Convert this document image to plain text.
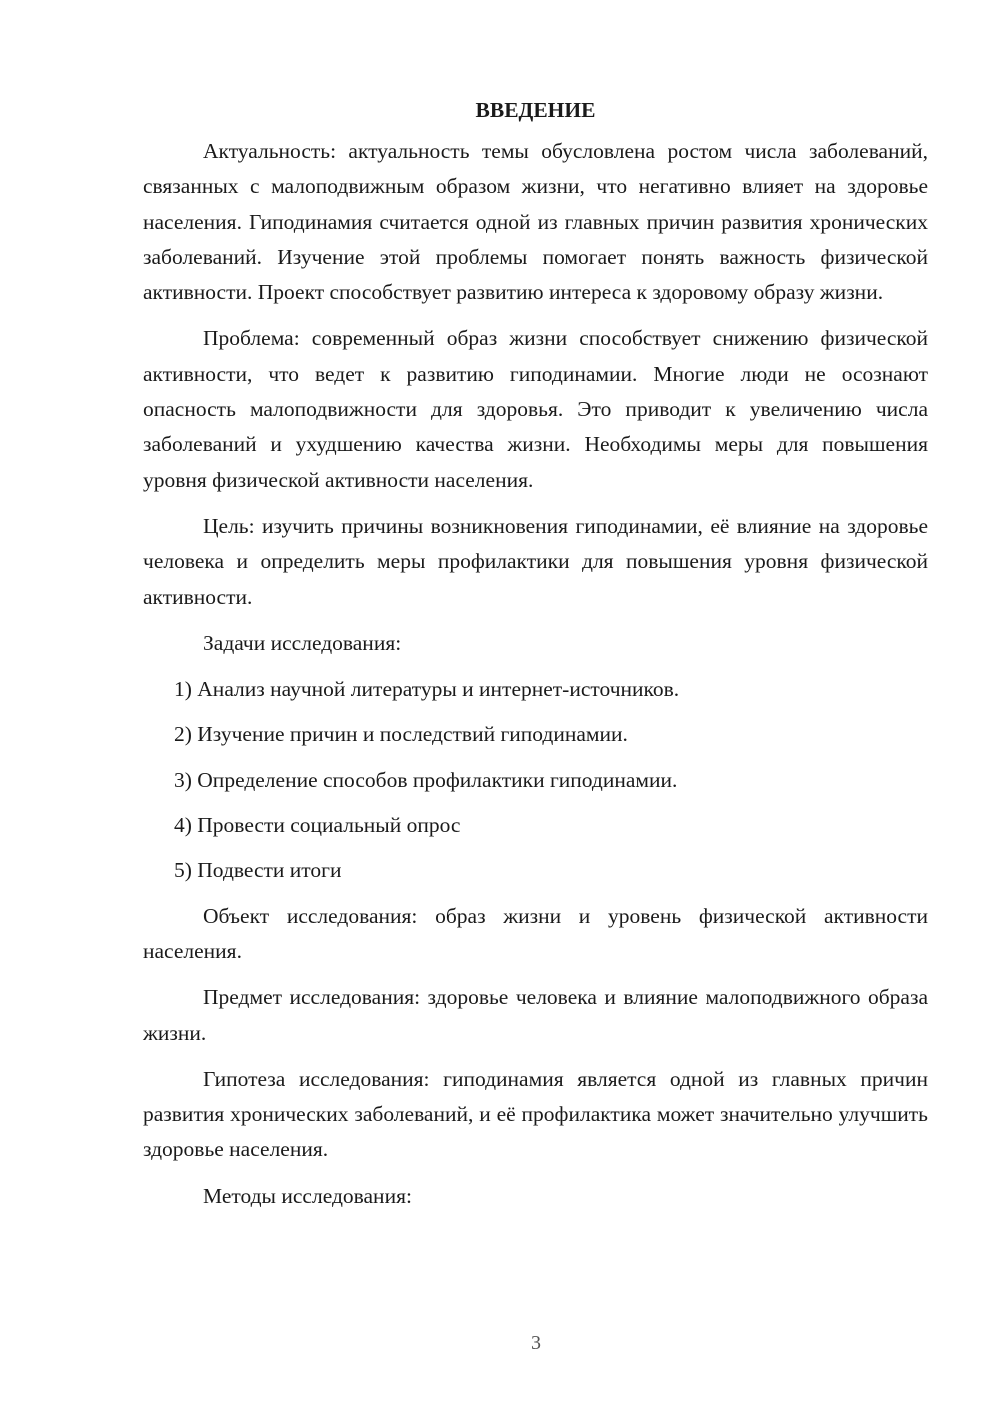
ВВЕДЕНИЕ

Актуальность: актуальность темы обусловлена ростом числа заболеваний, связанных с малоподвижным образом жизни, что негативно влияет на здоровье населения. Гиподинамия считается одной из главных причин развития хронических заболеваний. Изучение этой проблемы помогает понять важность физической активности. Проект способствует развитию интереса к здоровому образу жизни.

Проблема: современный образ жизни способствует снижению физической активности, что ведет к развитию гиподинамии. Многие люди не осознают опасность малоподвижности для здоровья. Это приводит к увеличению числа заболеваний и ухудшению качества жизни. Необходимы меры для повышения уровня физической активности населения.

Цель: изучить причины возникновения гиподинамии, её влияние на здоровье человека и определить меры профилактики для повышения уровня физической активности.

Задачи исследования:

1) Анализ научной литературы и интернет-источников.

2) Изучение причин и последствий гиподинамии.

3) Определение способов профилактики гиподинамии.

4) Провести социальный опрос

5) Подвести итоги

Объект исследования: образ жизни и уровень физической активности населения.

Предмет исследования: здоровье человека и влияние малоподвижного образа жизни.

Гипотеза исследования: гиподинамия является одной из главных причин развития хронических заболеваний, и её профилактика может значительно улучшить здоровье населения.

Методы исследования:

3
